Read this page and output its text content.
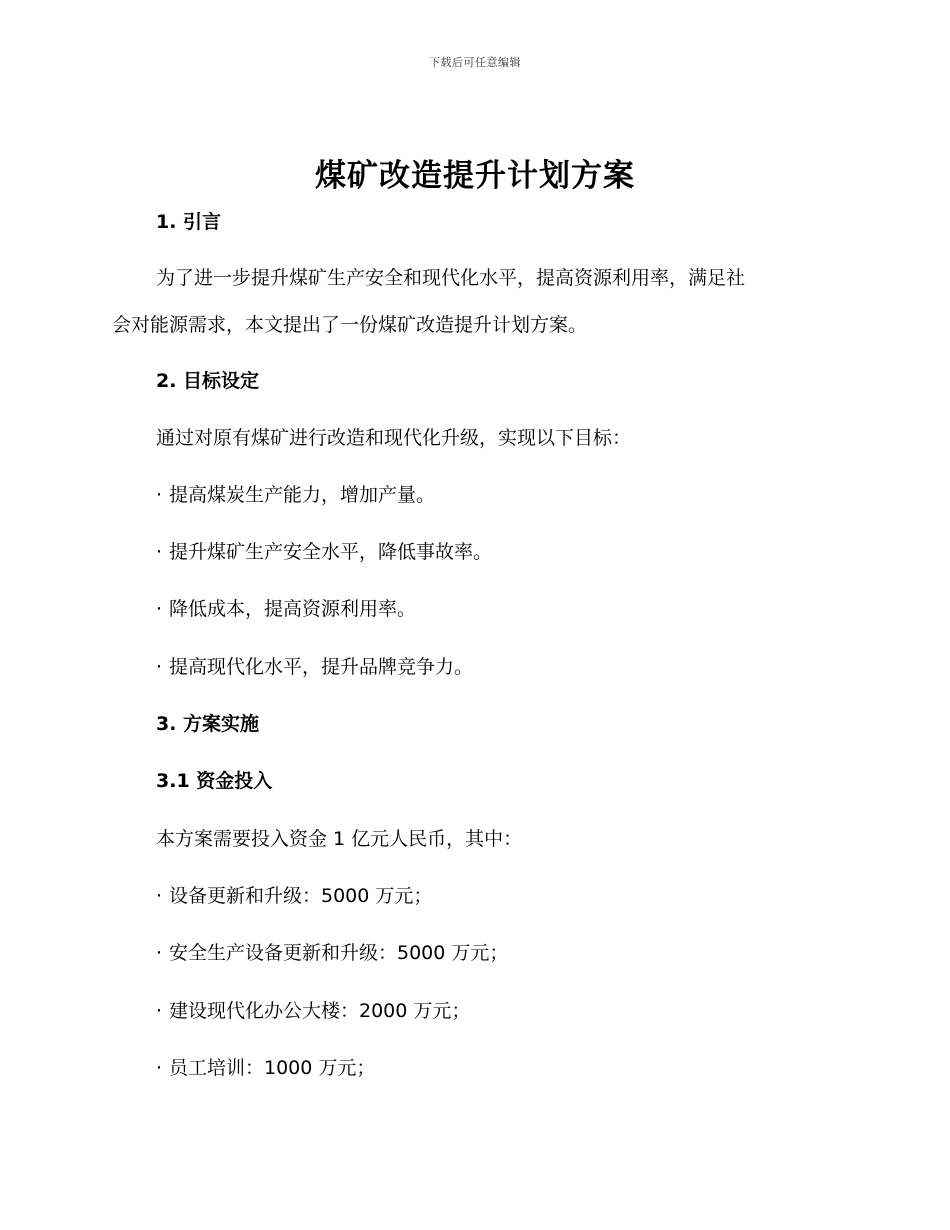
下载后可任意编辑
煤矿改造提升计划方案
1. 引言
为了进一步提升煤矿生产安全和现代化水平，提高资源利用率，满足社
会对能源需求，本文提出了一份煤矿改造提升计划方案。
2. 目标设定
通过对原有煤矿进行改造和现代化升级，实现以下目标：
· 提高煤炭生产能力，增加产量。
· 提升煤矿生产安全水平，降低事故率。
· 降低成本，提高资源利用率。
· 提高现代化水平，提升品牌竞争力。
3. 方案实施
3.1 资金投入
本方案需要投入资金 1 亿元人民币，其中：
· 设备更新和升级：5000 万元；
· 安全生产设备更新和升级：5000 万元；
· 建设现代化办公大楼：2000 万元；
· 员工培训：1000 万元；
